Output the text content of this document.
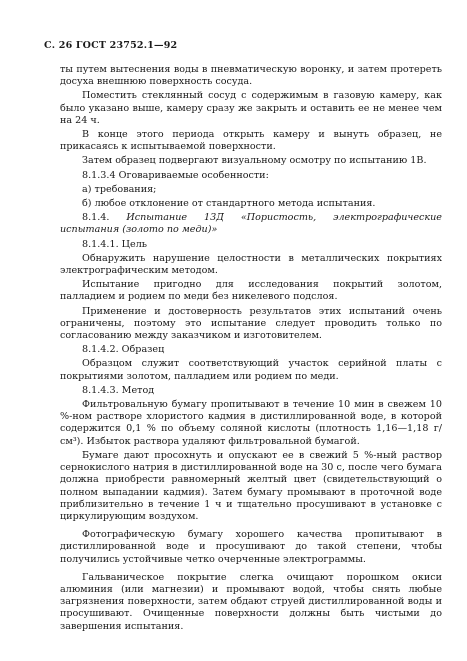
С. 26 ГОСТ 23752.1—92

ты путем вытеснения воды в пневматическую воронку, и затем протереть досуха внешнюю поверхность сосуда.

Поместить стеклянный сосуд с содержимым в газовую камеру, как было указано выше, камеру сразу же закрыть и оставить ее не менее чем на 24 ч.

В конце этого периода открыть камеру и вынуть образец, не прикасаясь к испытываемой поверхности.

Затем образец подвергают визуальному осмотру по испытанию 1В.

8.1.3.4 Оговариваемые особенности:

а) требования;

б) любое отклонение от стандартного метода испытания.

8.1.4. Испытание 13Д «Пористость, электрографические испытания (золото по меди)»

8.1.4.1. Цель

Обнаружить нарушение целостности в металлических покрытиях электрографическим методом.

Испытание пригодно для исследования покрытий золотом, палладием и родием по меди без никелевого подслоя.

Применение и достоверность результатов этих испытаний очень ограничены, поэтому это испытание следует проводить только по согласованию между заказчиком и изготовителем.

8.1.4.2. Образец

Образцом служит соответствующий участок серийной платы с покрытиями золотом, палладием или родием по меди.

8.1.4.3. Метод

Фильтровальную бумагу пропитывают в течение 10 мин в свежем 10 %-ном растворе хлористого кадмия в дистиллированной воде, в которой содержится 0,1 % по объему соляной кислоты (плотность 1,16—1,18 г/см³). Избыток раствора удаляют фильтровальной бумагой.

Бумаге дают просохнуть и опускают ее в свежий 5 %-ный раствор сернокислого натрия в дистиллированной воде на 30 с, после чего бумага должна приобрести равномерный желтый цвет (свидетельствующий о полном выпадании кадмия). Затем бумагу промывают в проточной воде приблизительно в течение 1 ч и тщательно просушивают в установке с циркулирующим воздухом.

Фотографическую бумагу хорошего качества пропитывают в дистиллированной воде и просушивают до такой степени, чтобы получились устойчивые четко очерченные электрограммы.

Гальваническое покрытие слегка очищают порошком окиси алюминия (или магнезии) и промывают водой, чтобы снять любые загрязнения поверхности, затем обдают струей дистиллированной воды и просушивают. Очищенные поверхности должны быть чистыми до завершения испытания.
